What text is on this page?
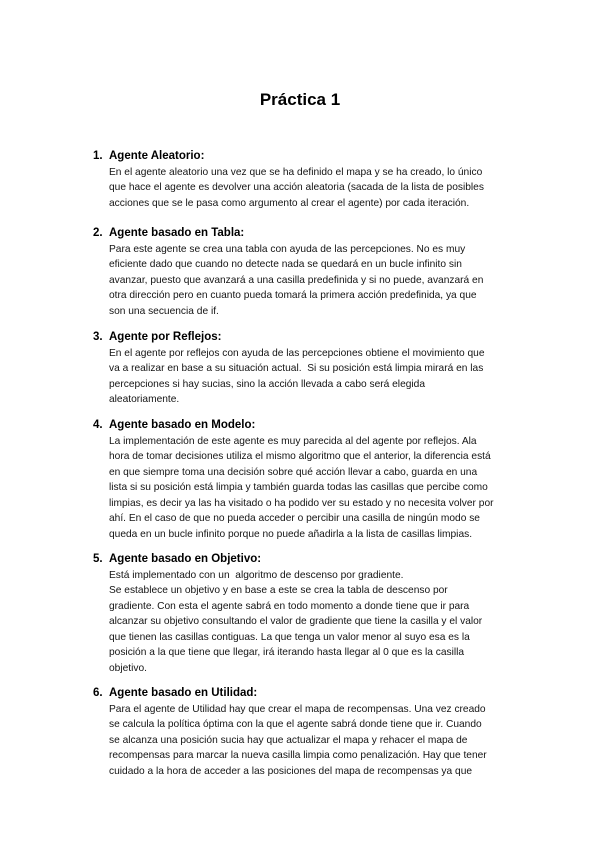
Práctica 1
1. Agente Aleatorio:
En el agente aleatorio una vez que se ha definido el mapa y se ha creado, lo único
que hace el agente es devolver una acción aleatoria (sacada de la lista de posibles
acciones que se le pasa como argumento al crear el agente) por cada iteración.
2. Agente basado en Tabla:
Para este agente se crea una tabla con ayuda de las percepciones. No es muy
eficiente dado que cuando no detecte nada se quedará en un bucle infinito sin
avanzar, puesto que avanzará a una casilla predefinida y si no puede, avanzará en
otra dirección pero en cuanto pueda tomará la primera acción predefinida, ya que
son una secuencia de if.
3. Agente por Reflejos:
En el agente por reflejos con ayuda de las percepciones obtiene el movimiento que
va a realizar en base a su situación actual.  Si su posición está limpia mirará en las
percepciones si hay sucias, sino la acción llevada a cabo será elegida
aleatoriamente.
4. Agente basado en Modelo:
La implementación de este agente es muy parecida al del agente por reflejos. Ala
hora de tomar decisiones utiliza el mismo algoritmo que el anterior, la diferencia está
en que siempre toma una decisión sobre qué acción llevar a cabo, guarda en una
lista si su posición está limpia y también guarda todas las casillas que percibe como
limpias, es decir ya las ha visitado o ha podido ver su estado y no necesita volver por
ahí. En el caso de que no pueda acceder o percibir una casilla de ningún modo se
queda en un bucle infinito porque no puede añadirla a la lista de casillas limpias.
5. Agente basado en Objetivo:
Está implementado con un  algoritmo de descenso por gradiente.
Se establece un objetivo y en base a este se crea la tabla de descenso por
gradiente. Con esta el agente sabrá en todo momento a donde tiene que ir para
alcanzar su objetivo consultando el valor de gradiente que tiene la casilla y el valor
que tienen las casillas contiguas. La que tenga un valor menor al suyo esa es la
posición a la que tiene que llegar, irá iterando hasta llegar al 0 que es la casilla
objetivo.
6. Agente basado en Utilidad:
Para el agente de Utilidad hay que crear el mapa de recompensas. Una vez creado
se calcula la política óptima con la que el agente sabrá donde tiene que ir. Cuando
se alcanza una posición sucia hay que actualizar el mapa y rehacer el mapa de
recompensas para marcar la nueva casilla limpia como penalización. Hay que tener
cuidado a la hora de acceder a las posiciones del mapa de recompensas ya que
